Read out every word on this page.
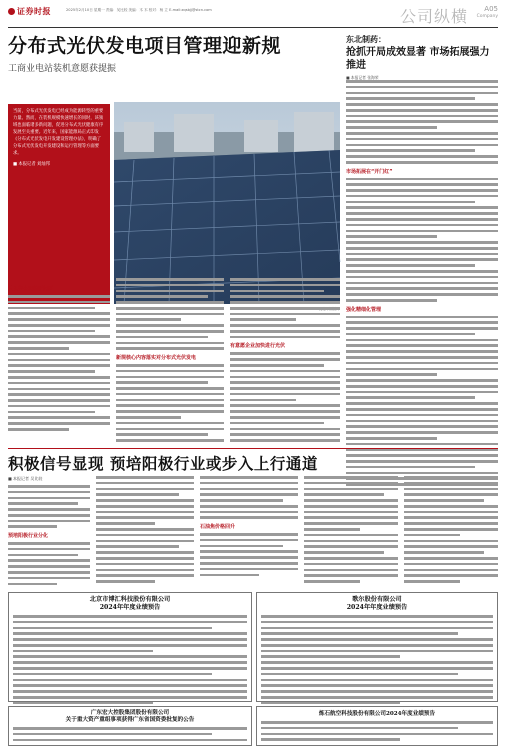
证券时报	2025年2月10日 星期一 责编：吴比较 美编：木 木 校对：杨 立 E-mail:zqsbjj@stcn.com	公司纵横	A05
Company
分布式光伏发电项目管理迎新规
工商业电站装机意愿获提振
当前，分布式光伏发电已经成为能源转型的重要力量。然而，在装机规模快速增长的同时，该领域也面临诸多新问题，促进分布式光伏健康有序发展至关重要。近年来，国家能源局正式印发《分布式光伏发电开发建设管理办法》，明确了分布式光伏发电开发建设和运行管理等方面要求。
■ 本报记者 刘灿邦
从以往出现的新问题
新规核心内容落实对分布式光伏发电
有意愿企业加快进行光伏
东北制药：
抢抓开局成效显著 市场拓展强力推进
■ 本报记者 张海荣
市场拓展在“开门红”
强化精细化管理
积极信号显现 预培阳极行业或步入上行通道
■ 本报记者 吴比较
预培阳极行业分化
石油焦价格回升
北京市博汇科技股份有限公司
2024年年度业绩预告
歌尔股份有限公司
2024年年度业绩预告
广东宏大控股集团股份有限公司
关于重大资产重组事项获得广东省国资委批复的公告
炼石航空科技股份有限公司2024年度业绩预告
